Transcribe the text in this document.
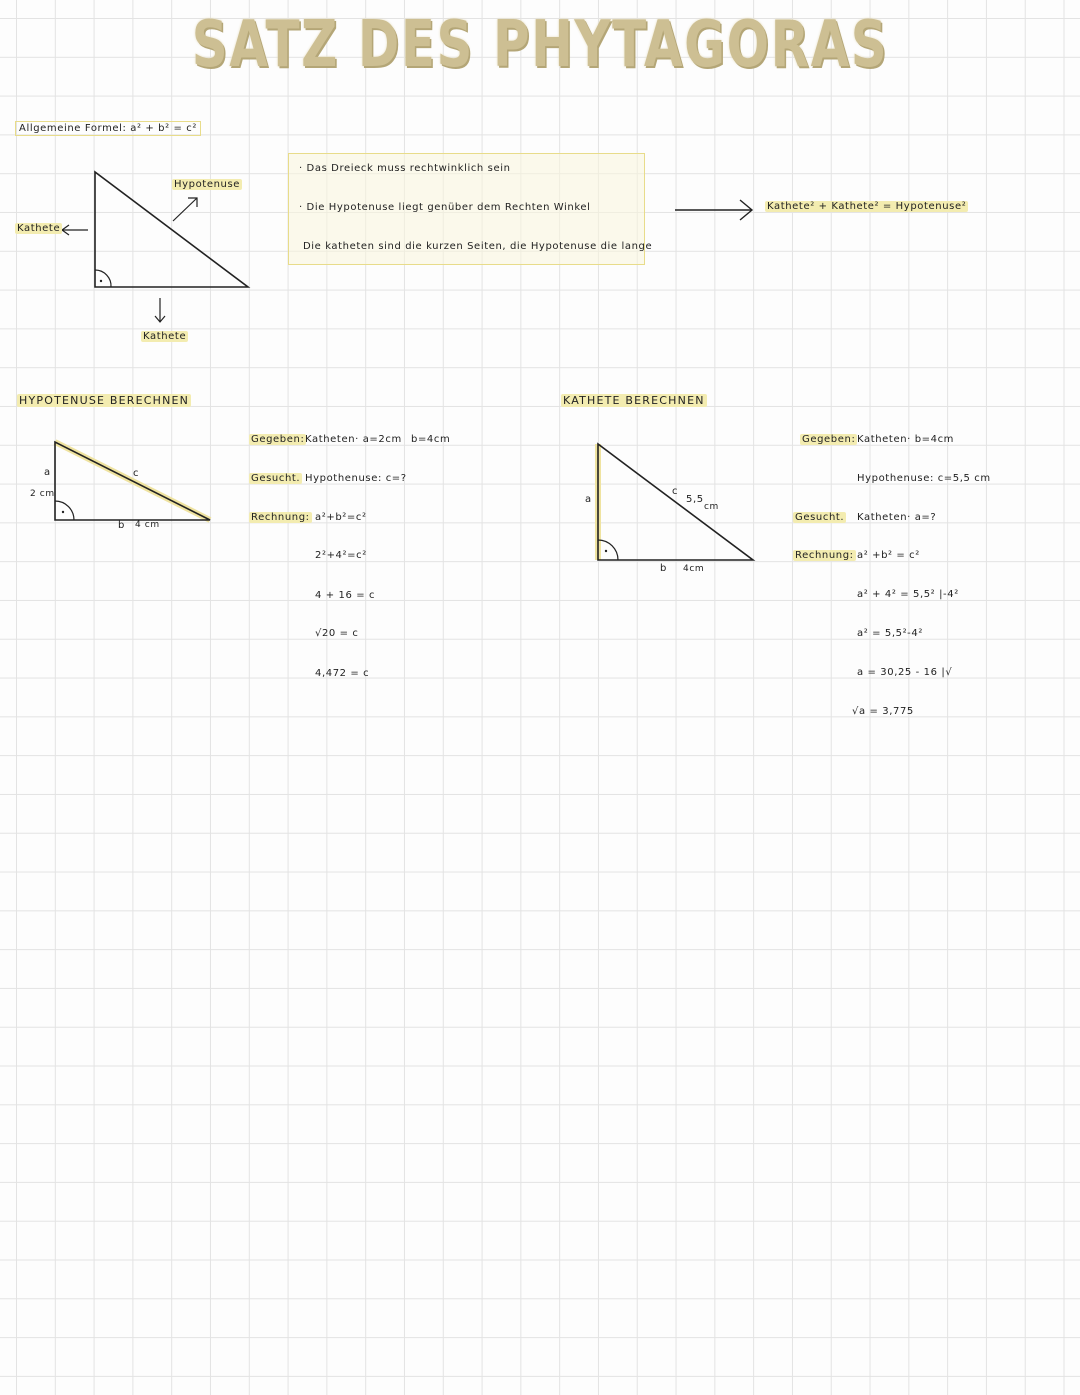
SATZ DES PHYTAGORAS
Allgemeine Formel: a² + b² = c²
Hypotenuse
Kathete
Kathete
· Das Dreieck muss rechtwinklich sein
· Die Hypotenuse liegt genüber dem Rechten Winkel
Die katheten sind die kurzen Seiten, die Hypotenuse die lange
Kathete² + Kathete² = Hypotenuse²
HYPOTENUSE BERECHNEN
a
2 cm
c
b 4 cm
Gegeben: Katheten· a=2cm b=4cm
Gesucht. Hypothenuse: c=?
Rechnung: a²+b²=c²
2²+4²=c²
4 + 16 = c
√20 = c
4,472 = c
KATHETE BERECHNEN
a
c
5,5
cm
b 4cm
Gegeben: Katheten· b=4cm
Hypothenuse: c=5,5 cm
Gesucht. Katheten· a=?
Rechnung: a² +b² = c²
a² + 4² = 5,5² |-4²
a² = 5,5²-4²
a = 30,25 - 16 |√
√a = 3,775
